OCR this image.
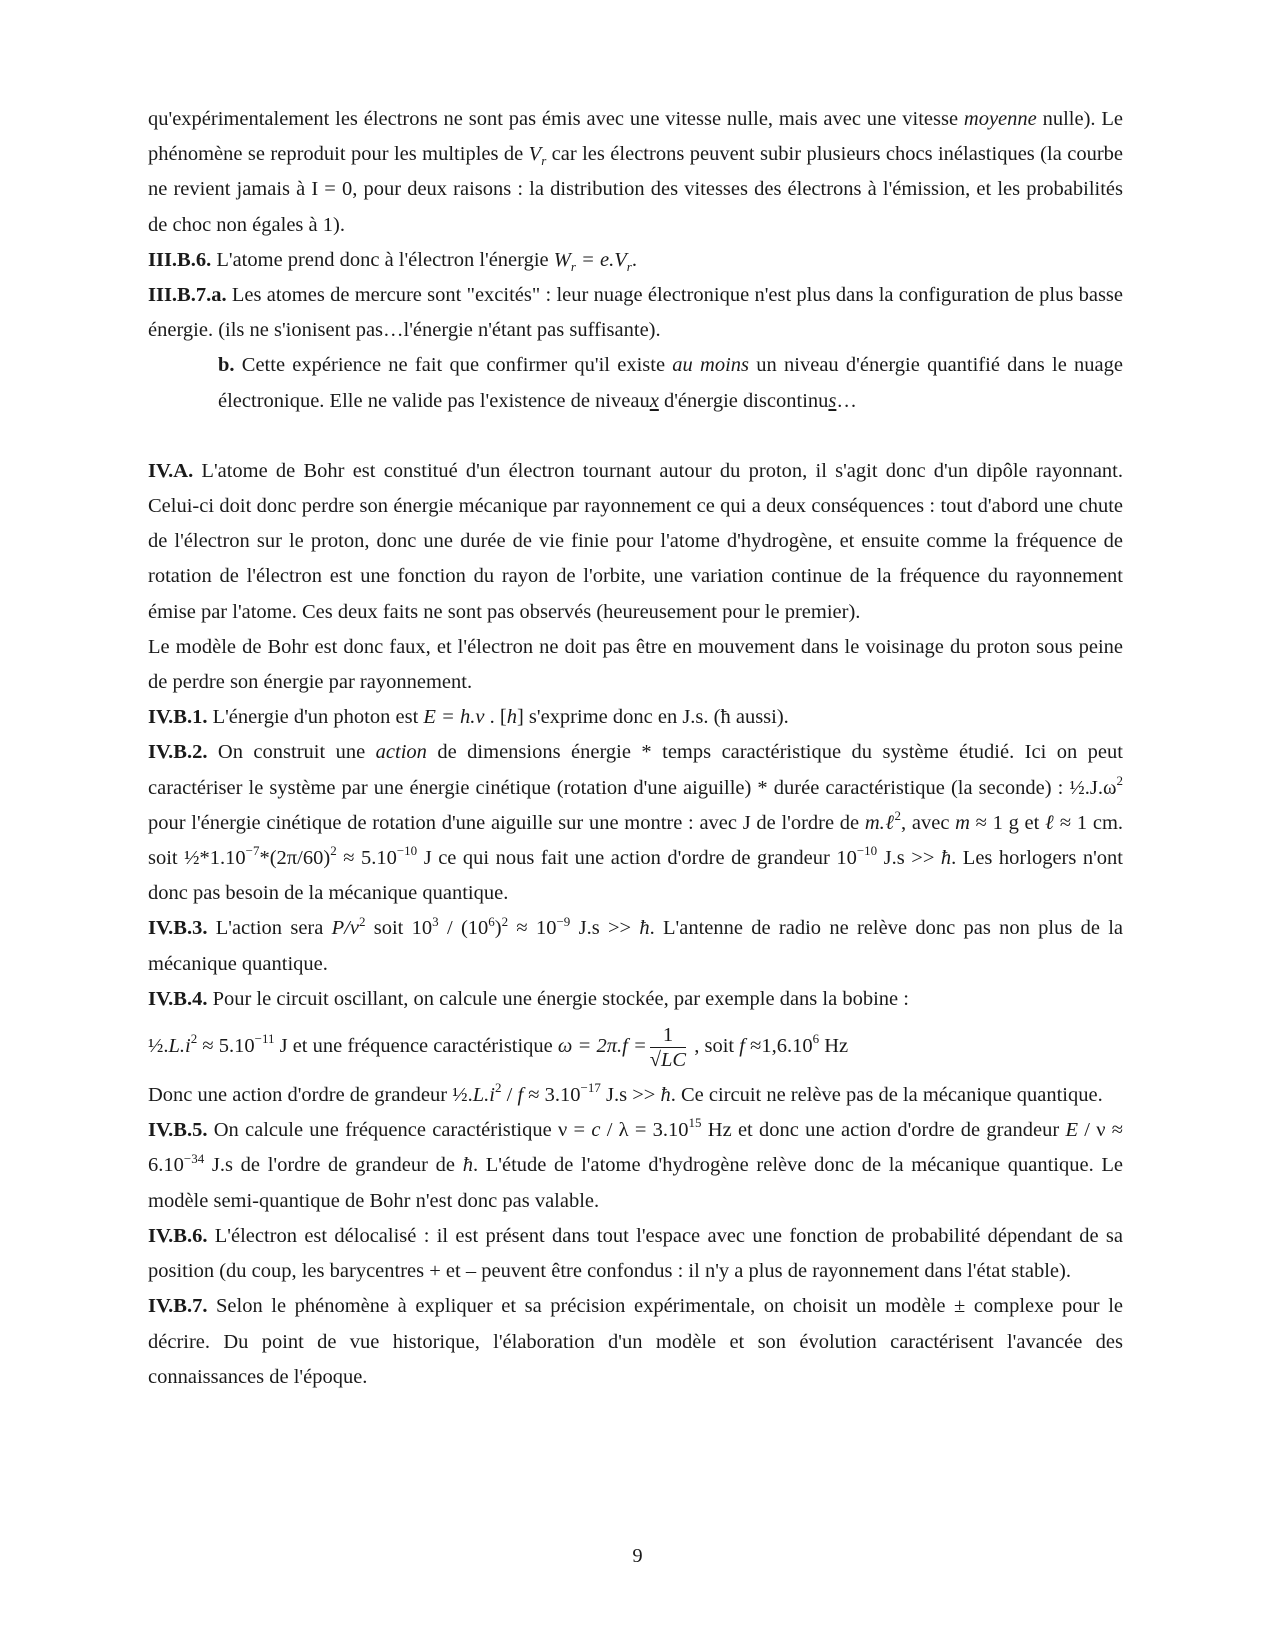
qu'expérimentalement les électrons ne sont pas émis avec une vitesse nulle, mais avec une vitesse moyenne nulle). Le phénomène se reproduit pour les multiples de $V_r$ car les électrons peuvent subir plusieurs chocs inélastiques (la courbe ne revient jamais à I = 0, pour deux raisons : la distribution des vitesses des électrons à l'émission, et les probabilités de choc non égales à 1).

III.B.6. L'atome prend donc à l'électron l'énergie $W_r = e.V_r$.

III.B.7.a. Les atomes de mercure sont "excités" : leur nuage électronique n'est plus dans la configuration de plus basse énergie. (ils ne s'ionisent pas…l'énergie n'étant pas suffisante).

b. Cette expérience ne fait que confirmer qu'il existe au moins un niveau d'énergie quantifié dans le nuage électronique. Elle ne valide pas l'existence de niveaux d'énergie discontinus…

IV.A. L'atome de Bohr est constitué d'un électron tournant autour du proton, il s'agit donc d'un dipôle rayonnant. Celui-ci doit donc perdre son énergie mécanique par rayonnement ce qui a deux conséquences : tout d'abord une chute de l'électron sur le proton, donc une durée de vie finie pour l'atome d'hydrogène, et ensuite comme la fréquence de rotation de l'électron est une fonction du rayon de l'orbite, une variation continue de la fréquence du rayonnement émise par l'atome. Ces deux faits ne sont pas observés (heureusement pour le premier).

Le modèle de Bohr est donc faux, et l'électron ne doit pas être en mouvement dans le voisinage du proton sous peine de perdre son énergie par rayonnement.

IV.B.1. L'énergie d'un photon est E = h.ν . [h] s'exprime donc en J.s. (ħ aussi).

IV.B.2. On construit une action de dimensions énergie * temps caractéristique du système étudié. Ici on peut caractériser le système par une énergie cinétique (rotation d'une aiguille) * durée caractéristique (la seconde) : $\frac{1}{2}.J.\omega^2$ pour l'énergie cinétique de rotation d'une aiguille sur une montre : avec J de l'ordre de m.ℓ$^2$, avec m ≈ 1 g et ℓ ≈ 1 cm. soit $\frac{1}{2}*1.10^{-7}*(2\pi/60)^2 \approx 5.10^{-10}$ J ce qui nous fait une action d'ordre de grandeur $10^{-10}$ J.s >> ħ. Les horlogers n'ont donc pas besoin de la mécanique quantique.

IV.B.3. L'action sera $P/\nu^2$ soit $10^3 / (10^6)^2 \approx 10^{-9}$ J.s >> ħ. L'antenne de radio ne relève donc pas non plus de la mécanique quantique.

IV.B.4. Pour le circuit oscillant, on calcule une énergie stockée, par exemple dans la bobine :

$\frac{1}{2}.L.i^2 \approx 5.10^{-11}$ J et une fréquence caractéristique $\omega = 2\pi.f = \frac{1}{√LC}$ , soit $f \approx 1,6.10^6$ Hz

Donc une action d'ordre de grandeur $\frac{1}{2}.L.i^2 / f \approx 3.10^{-17}$ J.s >> ħ. Ce circuit ne relève pas de la mécanique quantique.

IV.B.5. On calcule une fréquence caractéristique $\nu = c / \lambda = 3.10^{15}$ Hz et donc une action d'ordre de grandeur $E / \nu \approx 6.10^{-34}$ J.s de l'ordre de grandeur de ħ. L'étude de l'atome d'hydrogène relève donc de la mécanique quantique. Le modèle semi-quantique de Bohr n'est donc pas valable.

IV.B.6. L'électron est délocalisé : il est présent dans tout l'espace avec une fonction de probabilité dépendant de sa position (du coup, les barycentres + et – peuvent être confondus : il n'y a plus de rayonnement dans l'état stable).

IV.B.7. Selon le phénomène à expliquer et sa précision expérimentale, on choisit un modèle ± complexe pour le décrire. Du point de vue historique, l'élaboration d'un modèle et son évolution caractérisent l'avancée des connaissances de l'époque.

9
